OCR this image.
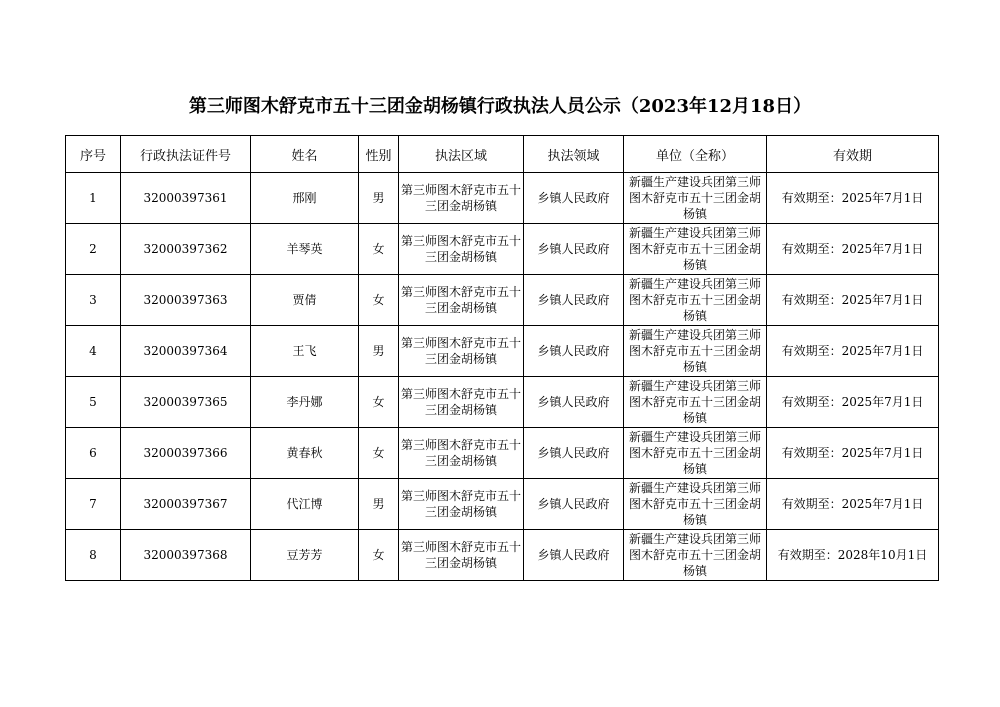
第三师图木舒克市五十三团金胡杨镇行政执法人员公示（2023年12月18日）
序号	行政执法证件号	姓名	性别	执法区域	执法领域	单位（全称）	有效期
1	32000397361	邢刚	男	第三师图木舒克市五十三团金胡杨镇	乡镇人民政府	新疆生产建设兵团第三师图木舒克市五十三团金胡杨镇	有效期至：2025年7月1日
2	32000397362	羊琴英	女	第三师图木舒克市五十三团金胡杨镇	乡镇人民政府	新疆生产建设兵团第三师图木舒克市五十三团金胡杨镇	有效期至：2025年7月1日
3	32000397363	贾倩	女	第三师图木舒克市五十三团金胡杨镇	乡镇人民政府	新疆生产建设兵团第三师图木舒克市五十三团金胡杨镇	有效期至：2025年7月1日
4	32000397364	王飞	男	第三师图木舒克市五十三团金胡杨镇	乡镇人民政府	新疆生产建设兵团第三师图木舒克市五十三团金胡杨镇	有效期至：2025年7月1日
5	32000397365	李丹娜	女	第三师图木舒克市五十三团金胡杨镇	乡镇人民政府	新疆生产建设兵团第三师图木舒克市五十三团金胡杨镇	有效期至：2025年7月1日
6	32000397366	黄春秋	女	第三师图木舒克市五十三团金胡杨镇	乡镇人民政府	新疆生产建设兵团第三师图木舒克市五十三团金胡杨镇	有效期至：2025年7月1日
7	32000397367	代江博	男	第三师图木舒克市五十三团金胡杨镇	乡镇人民政府	新疆生产建设兵团第三师图木舒克市五十三团金胡杨镇	有效期至：2025年7月1日
8	32000397368	豆芳芳	女	第三师图木舒克市五十三团金胡杨镇	乡镇人民政府	新疆生产建设兵团第三师图木舒克市五十三团金胡杨镇	有效期至：2028年10月1日
